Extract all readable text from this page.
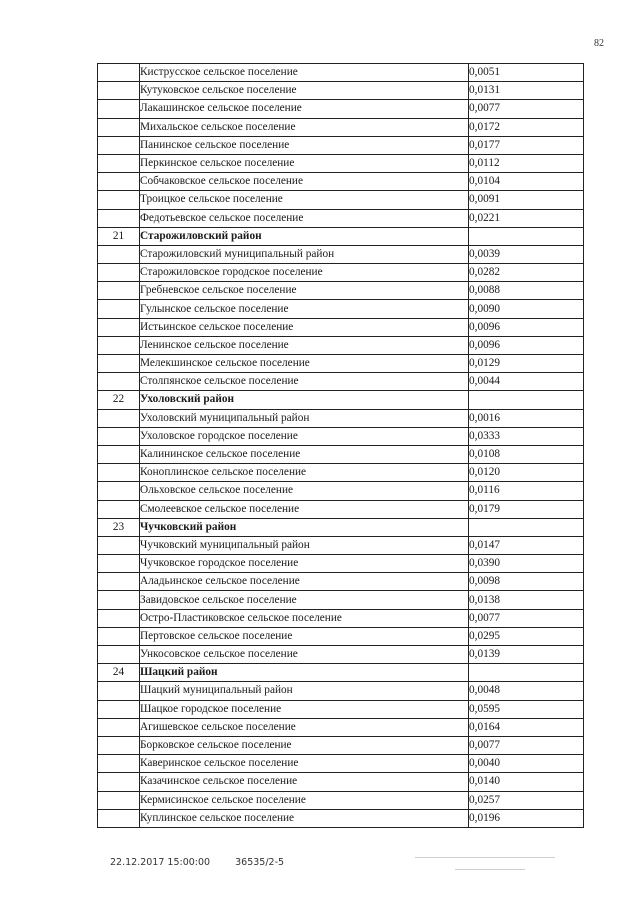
82
	Киструсское сельское поселение	0,0051
	Кутуковское сельское поселение	0,0131
	Лакашинское сельское поселение	0,0077
	Михальское сельское поселение	0,0172
	Панинское сельское поселение	0,0177
	Перкинское сельское поселение	0,0112
	Собчаковское сельское поселение	0,0104
	Троицкое сельское поселение	0,0091
	Федотьевское сельское поселение	0,0221
21	Старожиловский район	
	Старожиловский муниципальный район	0,0039
	Старожиловское городское поселение	0,0282
	Гребневское сельское поселение	0,0088
	Гулынское сельское поселение	0,0090
	Истьинское сельское поселение	0,0096
	Ленинское сельское поселение	0,0096
	Мелекшинское сельское поселение	0,0129
	Столпянское сельское поселение	0,0044
22	Ухоловский район	
	Ухоловский муниципальный район	0,0016
	Ухоловское городское поселение	0,0333
	Калининское сельское поселение	0,0108
	Коноплинское сельское поселение	0,0120
	Ольховское сельское поселение	0,0116
	Смолеевское сельское поселение	0,0179
23	Чучковский район	
	Чучковский муниципальный район	0,0147
	Чучковское городское поселение	0,0390
	Аладьинское сельское поселение	0,0098
	Завидовское сельское поселение	0,0138
	Остро-Пластиковское сельское поселение	0,0077
	Пертовское сельское поселение	0,0295
	Ункосовское сельское поселение	0,0139
24	Шацкий район	
	Шацкий муниципальный район	0,0048
	Шацкое городское поселение	0,0595
	Агишевское сельское поселение	0,0164
	Борковское сельское поселение	0,0077
	Каверинское сельское поселение	0,0040
	Казачинское сельское поселение	0,0140
	Кермисинское сельское поселение	0,0257
	Куплинское сельское поселение	0,0196
22.12.2017 15:00:00	36535/2-5
